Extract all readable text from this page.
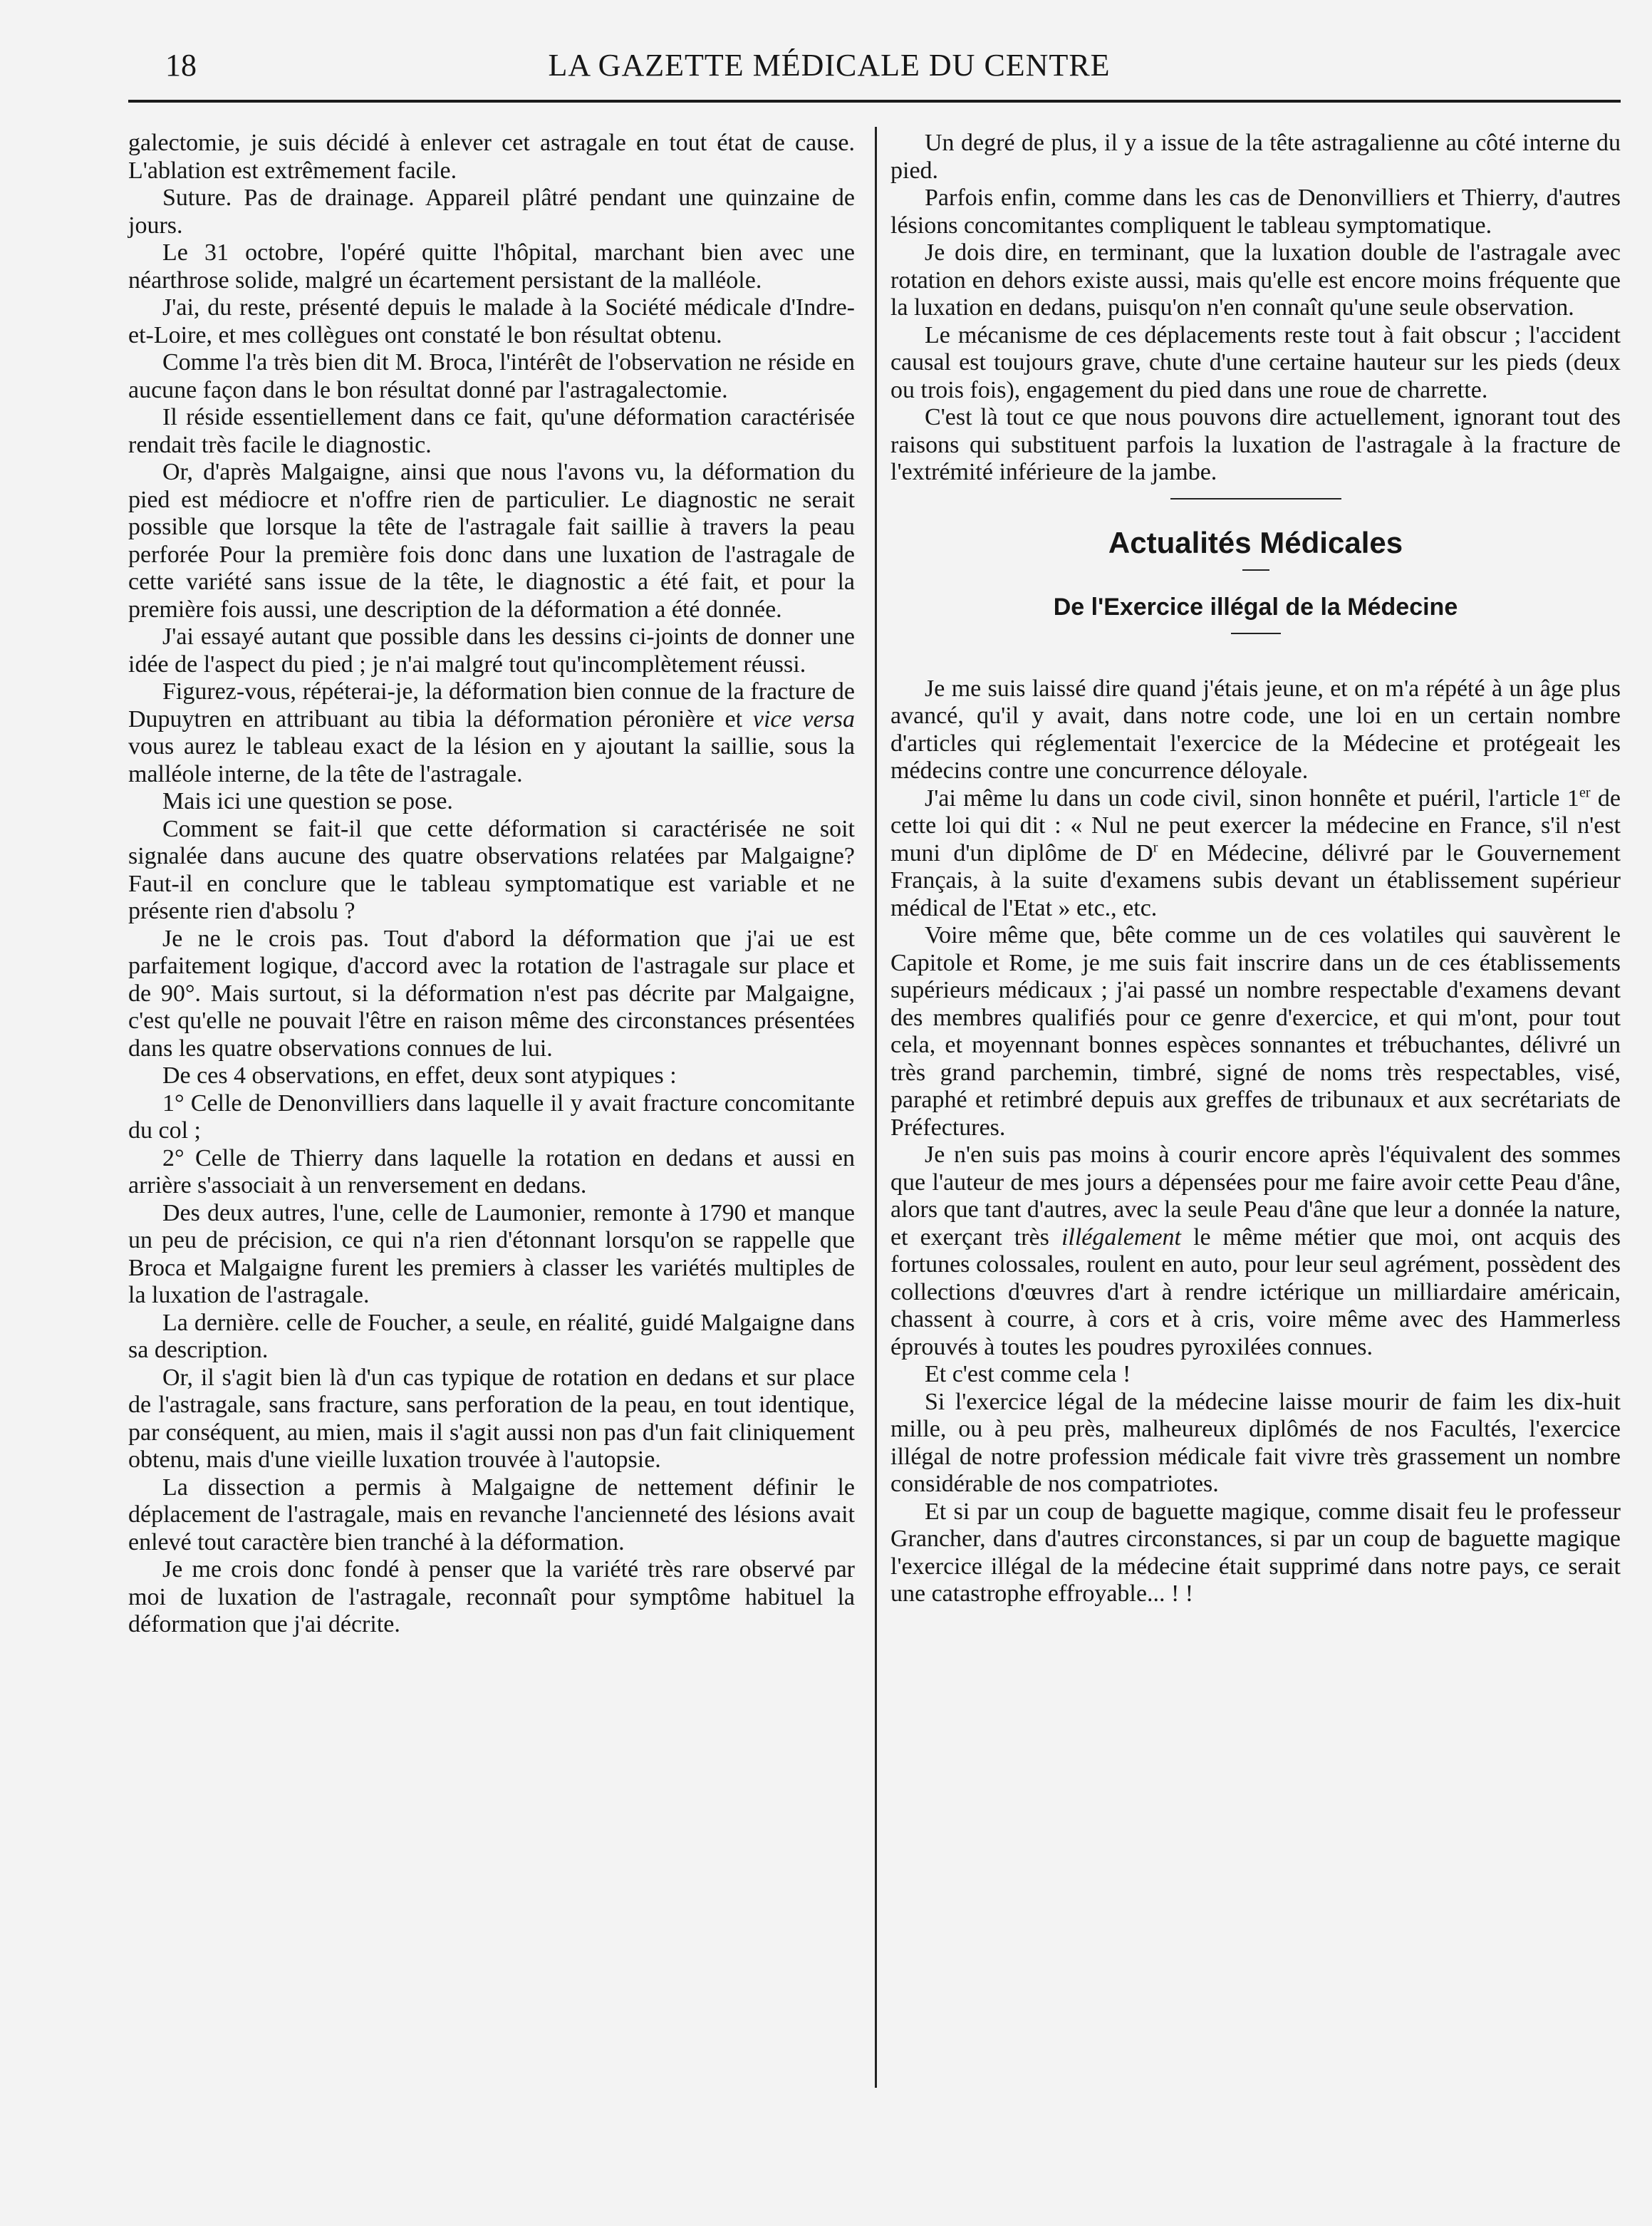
18	LA GAZETTE MÉDICALE DU CENTRE

galectomie, je suis décidé à enlever cet astragale en tout état de cause. L'ablation est extrêmement facile.

Suture. Pas de drainage. Appareil plâtré pendant une quinzaine de jours.

Le 31 octobre, l'opéré quitte l'hôpital, marchant bien avec une néarthrose solide, malgré un écartement persistant de la malléole.

J'ai, du reste, présenté depuis le malade à la Société médicale d'Indre-et-Loire, et mes collègues ont constaté le bon résultat obtenu.

Comme l'a très bien dit M. Broca, l'intérêt de l'observation ne réside en aucune façon dans le bon résultat donné par l'astragalectomie.

Il réside essentiellement dans ce fait, qu'une déformation caractérisée rendait très facile le diagnostic.

Or, d'après Malgaigne, ainsi que nous l'avons vu, la déformation du pied est médiocre et n'offre rien de particulier. Le diagnostic ne serait possible que lorsque la tête de l'astragale fait saillie à travers la peau perforée Pour la première fois donc dans une luxation de l'astragale de cette variété sans issue de la tête, le diagnostic a été fait, et pour la première fois aussi, une description de la déformation a été donnée.

J'ai essayé autant que possible dans les dessins ci-joints de donner une idée de l'aspect du pied ; je n'ai malgré tout qu'incomplètement réussi.

Figurez-vous, répéterai-je, la déformation bien connue de la fracture de Dupuytren en attribuant au tibia la déformation péronière et vice versa vous aurez le tableau exact de la lésion en y ajoutant la saillie, sous la malléole interne, de la tête de l'astragale.

Mais ici une question se pose.

Comment se fait-il que cette déformation si caractérisée ne soit signalée dans aucune des quatre observations relatées par Malgaigne? Faut-il en conclure que le tableau symptomatique est variable et ne présente rien d'absolu ?

Je ne le crois pas. Tout d'abord la déformation que j'ai ue est parfaitement logique, d'accord avec la rotation de l'astragale sur place et de 90°. Mais surtout, si la déformation n'est pas décrite par Malgaigne, c'est qu'elle ne pouvait l'être en raison même des circonstances présentées dans les quatre observations connues de lui.

De ces 4 observations, en effet, deux sont atypiques :

1° Celle de Denonvilliers dans laquelle il y avait fracture concomitante du col ;

2° Celle de Thierry dans laquelle la rotation en dedans et aussi en arrière s'associait à un renversement en dedans.

Des deux autres, l'une, celle de Laumonier, remonte à 1790 et manque un peu de précision, ce qui n'a rien d'étonnant lorsqu'on se rappelle que Broca et Malgaigne furent les premiers à classer les variétés multiples de la luxation de l'astragale.

La dernière. celle de Foucher, a seule, en réalité, guidé Malgaigne dans sa description.

Or, il s'agit bien là d'un cas typique de rotation en dedans et sur place de l'astragale, sans fracture, sans perforation de la peau, en tout identique, par conséquent, au mien, mais il s'agit aussi non pas d'un fait cliniquement obtenu, mais d'une vieille luxation trouvée à l'autopsie.

La dissection a permis à Malgaigne de nettement définir le déplacement de l'astragale, mais en revanche l'ancienneté des lésions avait enlevé tout caractère bien tranché à la déformation.

Je me crois donc fondé à penser que la variété très rare observé par moi de luxation de l'astragale, reconnaît pour symptôme habituel la déformation que j'ai décrite.

Un degré de plus, il y a issue de la tête astragalienne au côté interne du pied.

Parfois enfin, comme dans les cas de Denonvilliers et Thierry, d'autres lésions concomitantes compliquent le tableau symptomatique.

Je dois dire, en terminant, que la luxation double de l'astragale avec rotation en dehors existe aussi, mais qu'elle est encore moins fréquente que la luxation en dedans, puisqu'on n'en connaît qu'une seule observation.

Le mécanisme de ces déplacements reste tout à fait obscur ; l'accident causal est toujours grave, chute d'une certaine hauteur sur les pieds (deux ou trois fois), engagement du pied dans une roue de charrette.

C'est là tout ce que nous pouvons dire actuellement, ignorant tout des raisons qui substituent parfois la luxation de l'astragale à la fracture de l'extrémité inférieure de la jambe.

Actualités Médicales

De l'Exercice illégal de la Médecine

Je me suis laissé dire quand j'étais jeune, et on m'a répété à un âge plus avancé, qu'il y avait, dans notre code, une loi en un certain nombre d'articles qui réglementait l'exercice de la Médecine et protégeait les médecins contre une concurrence déloyale.

J'ai même lu dans un code civil, sinon honnête et puéril, l'article 1er de cette loi qui dit : « Nul ne peut exercer la médecine en France, s'il n'est muni d'un diplôme de $D^r$ en Médecine, délivré par le Gouvernement Français, à la suite d'examens subis devant un établissement supérieur médical de l'Etat » etc., etc.

Voire même que, bête comme un de ces volatiles qui sauvèrent le Capitole et Rome, je me suis fait inscrire dans un de ces établissements supérieurs médicaux ; j'ai passé un nombre respectable d'examens devant des membres qualifiés pour ce genre d'exercice, et qui m'ont, pour tout cela, et moyennant bonnes espèces sonnantes et trébuchantes, délivré un très grand parchemin, timbré, signé de noms très respectables, visé, paraphé et retimbré depuis aux greffes de tribunaux et aux secrétariats de Préfectures.

Je n'en suis pas moins à courir encore après l'équivalent des sommes que l'auteur de mes jours a dépensées pour me faire avoir cette Peau d'âne, alors que tant d'autres, avec la seule Peau d'âne que leur a donnée la nature, et exerçant très illégalement le même métier que moi, ont acquis des fortunes colossales, roulent en auto, pour leur seul agrément, possèdent des collections d'œuvres d'art à rendre ictérique un milliardaire américain, chassent à courre, à cors et à cris, voire même avec des Hammerless éprouvés à toutes les poudres pyroxilées connues.

Et c'est comme cela !

Si l'exercice légal de la médecine laisse mourir de faim les dix-huit mille, ou à peu près, malheureux diplômés de nos Facultés, l'exercice illégal de notre profession médicale fait vivre très grassement un nombre considérable de nos compatriotes.

Et si par un coup de baguette magique, comme disait feu le professeur Grancher, dans d'autres circonstances, si par un coup de baguette magique l'exercice illégal de la médecine était supprimé dans notre pays, ce serait une catastrophe effroyable... ! !
